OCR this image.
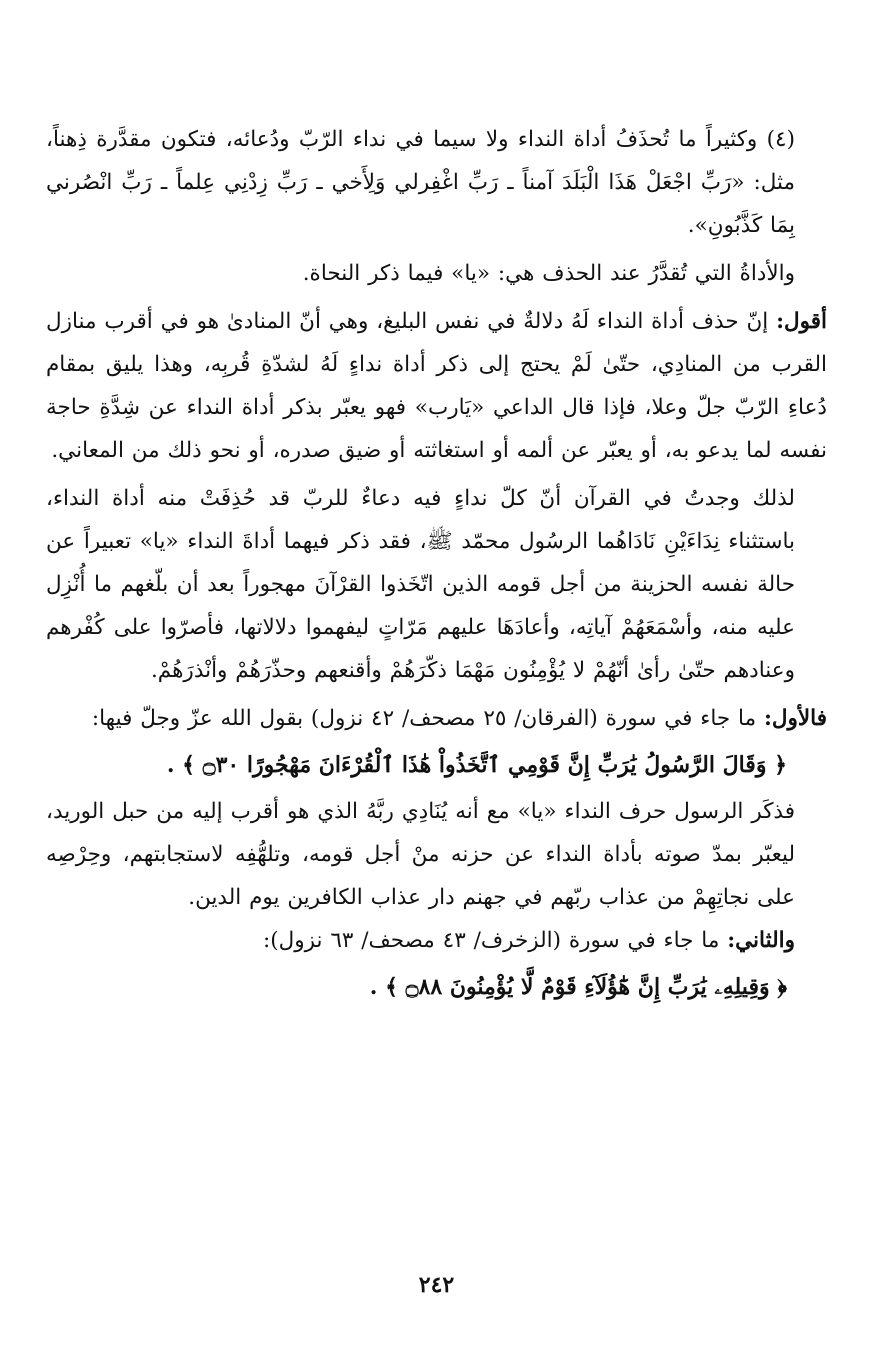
(٤) وكثيراً ما تُحذَفُ أداة النداء ولا سيما في نداء الرّبّ ودُعائه، فتكون مقدَّرة ذِهناً، مثل: «رَبِّ اجْعَلْ هَذَا الْبَلَدَ آمناً ـ رَبِّ اغْفِرلي وَلِأَخي ـ رَبِّ زِدْنِي عِلماً ـ رَبِّ انْصُرني بِمَا كَذَّبُونِ».

والأداةُ التي تُقدَّرُ عند الحذف هي: «يا» فيما ذكر النحاة.

أقول: إنّ حذف أداة النداء لَهُ دلالةٌ في نفس البليغ، وهي أنّ المنادىٰ هو في أقرب منازل القرب من المنادِي، حتّىٰ لَمْ يحتج إلى ذكر أداة نداءٍ لَهُ لشدّةِ قُربِه، وهذا يليق بمقام دُعاءِ الرّبّ جلّ وعلا، فإذا قال الداعي «يَارب» فهو يعبّر بذكر أداة النداء عن شِدَّةِ حاجة نفسه لما يدعو به، أو يعبّر عن ألمه أو استغاثته أو ضيق صدره، أو نحو ذلك من المعاني.

لذلك وجدتُ في القرآن أنّ كلّ نداءٍ فيه دعاءٌ للربّ قد حُذِفَتْ منه أداة النداء، باستثناء نِدَاءَيْنِ نَادَاهُما الرسُول محمّد ﷺ، فقد ذكر فيهما أداةَ النداء «يا» تعبيراً عن حالة نفسه الحزينة من أجل قومه الذين اتّخَذوا القرْآنَ مهجوراً بعد أن بلّغهم ما أُنْزِل عليه منه، وأسْمَعَهُمْ آياتِه، وأعادَهَا عليهم مَرّاتٍ ليفهموا دلالاتها، فأصرّوا على كُفْرهم وعنادهم حتّىٰ رأىٰ أنّهُمْ لا يُؤْمِنُون مَهْمَا ذكّرَهُمْ وأقنعهم وحذّرَهُمْ وأنْذرَهُمْ.

فالأول: ما جاء في سورة (الفرقان/ ٢٥ مصحف/ ٤٢ نزول) بقول الله عزّ وجلّ فيها:

﴿ وَقَالَ الرَّسُولُ يَٰرَبِّ إِنَّ قَوْمِي ٱتَّخَذُواْ هَٰذَا ٱلْقُرْءَانَ مَهْجُورًا ۝٣٠ ﴾ .

فذكَر الرسول حرف النداء «يا» مع أنه يُنَادِي ربَّهُ الذي هو أقرب إليه من حبل الوريد، ليعبّر بمدّ صوته بأداة النداء عن حزنه منْ أجل قومه، وتلهُّفِه لاستجابتهم، وحِرْصِه على نجاتِهِمْ من عذاب ربّهم في جهنم دار عذاب الكافرين يوم الدين.

والثاني: ما جاء في سورة (الزخرف/ ٤٣ مصحف/ ٦٣ نزول):

﴿ وَقِيلِهِۦ يَٰرَبِّ إِنَّ هَٰٓؤُلَآءِ قَوْمٌ لَّا يُؤْمِنُونَ ۝٨٨ ﴾ .

٢٤٢
